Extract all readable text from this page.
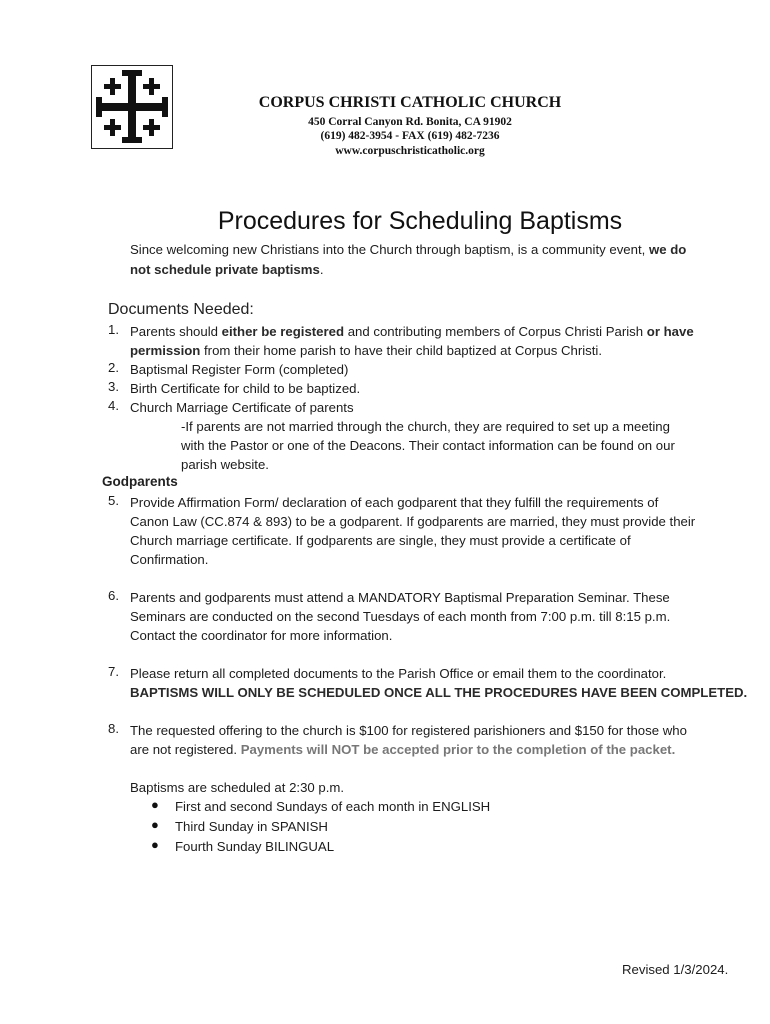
CORPUS CHRISTI CATHOLIC CHURCH
450 Corral Canyon Rd. Bonita, CA 91902
(619) 482-3954 - FAX (619) 482-7236
www.corpuschristicatholic.org
Procedures for Scheduling Baptisms
Since welcoming new Christians into the Church through baptism, is a community event, we do
not schedule private baptisms.
Documents Needed:
1. Parents should either be registered and contributing members of Corpus Christi Parish or have
permission from their home parish to have their child baptized at Corpus Christi.
2. Baptismal Register Form (completed)
3. Birth Certificate for child to be baptized.
4. Church Marriage Certificate of parents
-If parents are not married through the church, they are required to set up a meeting
with the Pastor or one of the Deacons. Their contact information can be found on our
parish website.
Godparents
5. Provide Affirmation Form/ declaration of each godparent that they fulfill the requirements of
Canon Law (CC.874 & 893) to be a godparent. If godparents are married, they must provide their
Church marriage certificate. If godparents are single, they must provide a certificate of
Confirmation.
6. Parents and godparents must attend a MANDATORY Baptismal Preparation Seminar. These
Seminars are conducted on the second Tuesdays of each month from 7:00 p.m. till 8:15 p.m.
Contact the coordinator for more information.
7. Please return all completed documents to the Parish Office or email them to the coordinator.
BAPTISMS WILL ONLY BE SCHEDULED ONCE ALL THE PROCEDURES HAVE BEEN COMPLETED.
8. The requested offering to the church is $100 for registered parishioners and $150 for those who
are not registered. Payments will NOT be accepted prior to the completion of the packet.
Baptisms are scheduled at 2:30 p.m.
● First and second Sundays of each month in ENGLISH
● Third Sunday in SPANISH
● Fourth Sunday BILINGUAL
Revised 1/3/2024.
